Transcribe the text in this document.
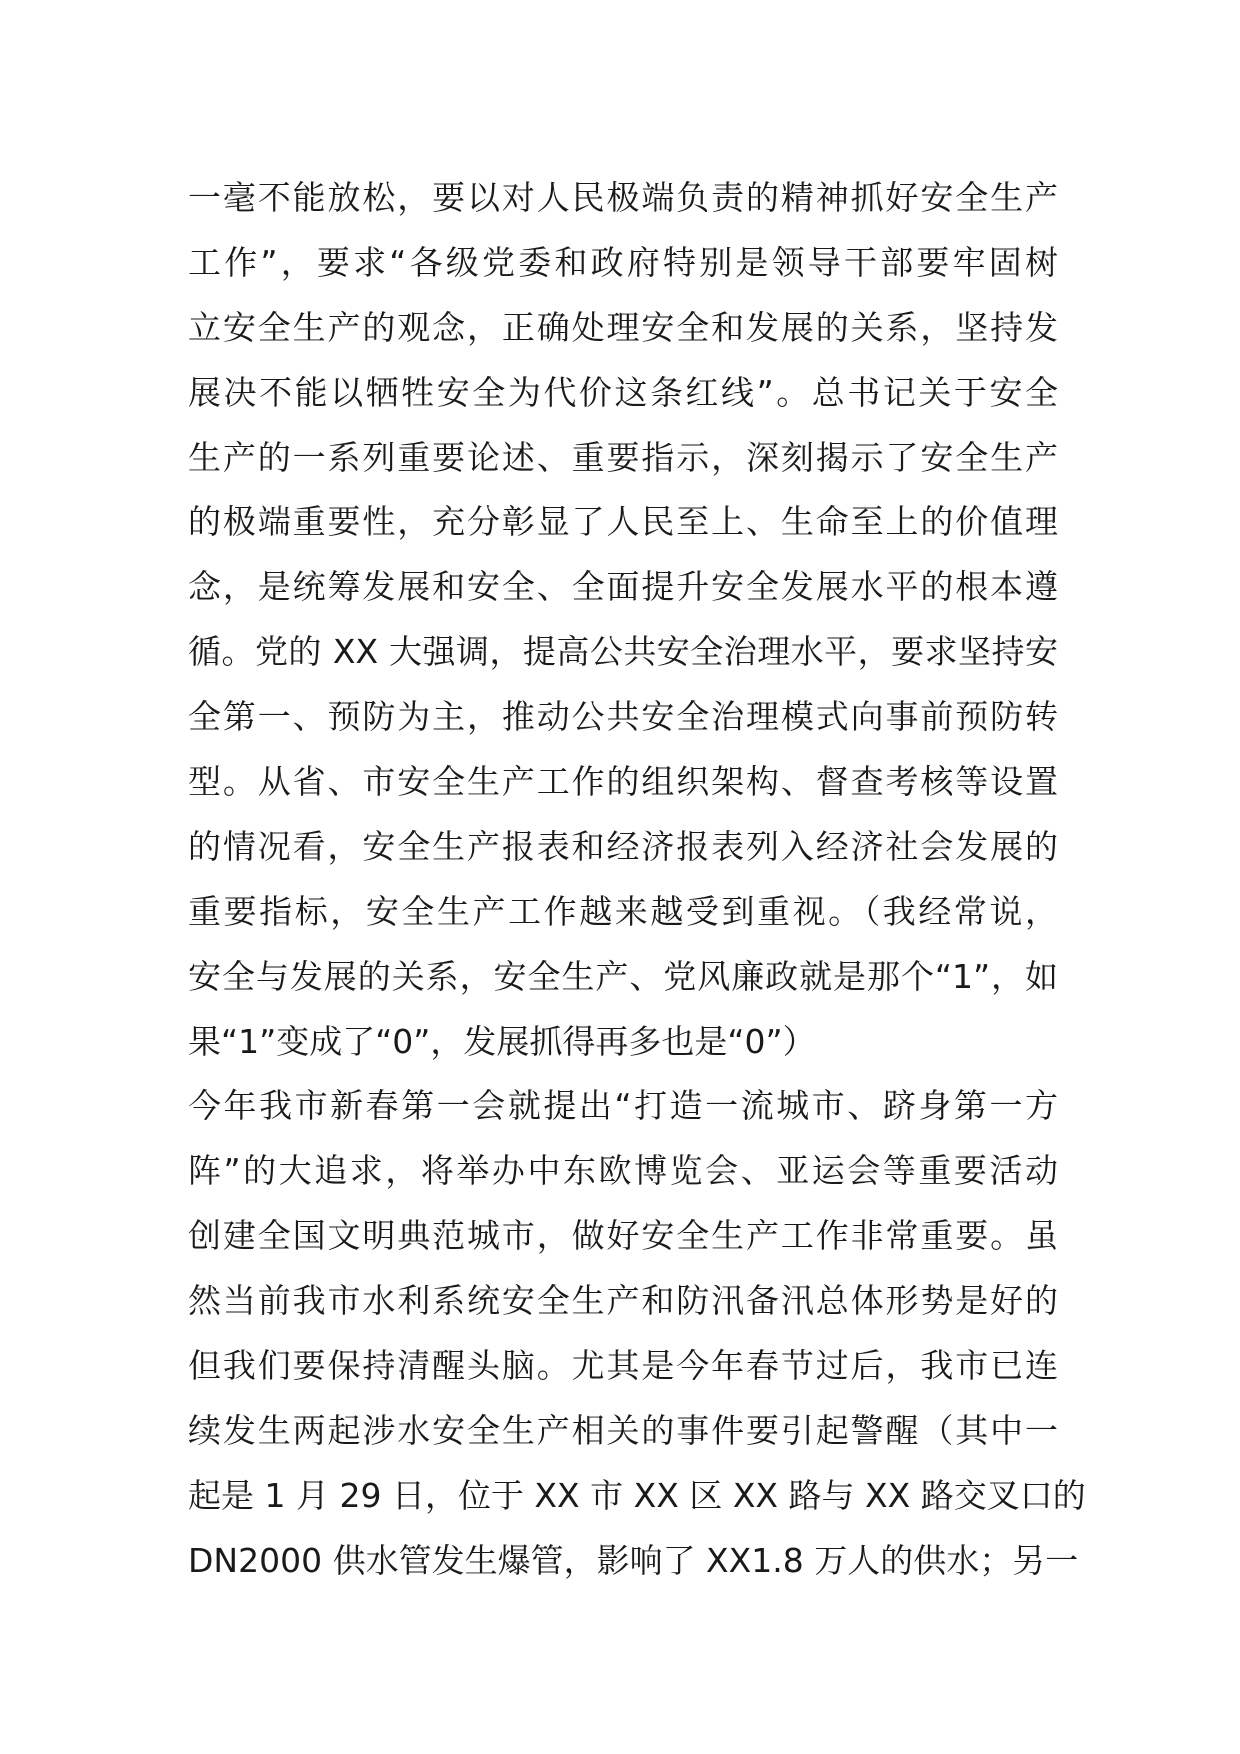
一毫不能放松，要以对人民极端负责的精神抓好安全生产
工作”，要求“各级党委和政府特别是领导干部要牢固树
立安全生产的观念，正确处理安全和发展的关系，坚持发
展决不能以牺牲安全为代价这条红线”。总书记关于安全
生产的一系列重要论述、重要指示，深刻揭示了安全生产
的极端重要性，充分彰显了人民至上、生命至上的价值理
念，是统筹发展和安全、全面提升安全发展水平的根本遵
循。党的 XX 大强调，提高公共安全治理水平，要求坚持安
全第一、预防为主，推动公共安全治理模式向事前预防转
型。从省、市安全生产工作的组织架构、督查考核等设置
的情况看，安全生产报表和经济报表列入经济社会发展的
重要指标，安全生产工作越来越受到重视。（我经常说，
安全与发展的关系，安全生产、党风廉政就是那个“1”，如
果“1”变成了“0”，发展抓得再多也是“0”）
今年我市新春第一会就提出“打造一流城市、跻身第一方
阵”的大追求，将举办中东欧博览会、亚运会等重要活动
创建全国文明典范城市，做好安全生产工作非常重要。虽
然当前我市水利系统安全生产和防汛备汛总体形势是好的
但我们要保持清醒头脑。尤其是今年春节过后，我市已连
续发生两起涉水安全生产相关的事件要引起警醒（其中一
起是 1 月 29 日，位于 XX 市 XX 区 XX 路与 XX 路交叉口的
DN2000 供水管发生爆管，影响了 XX1.8 万人的供水；另一
